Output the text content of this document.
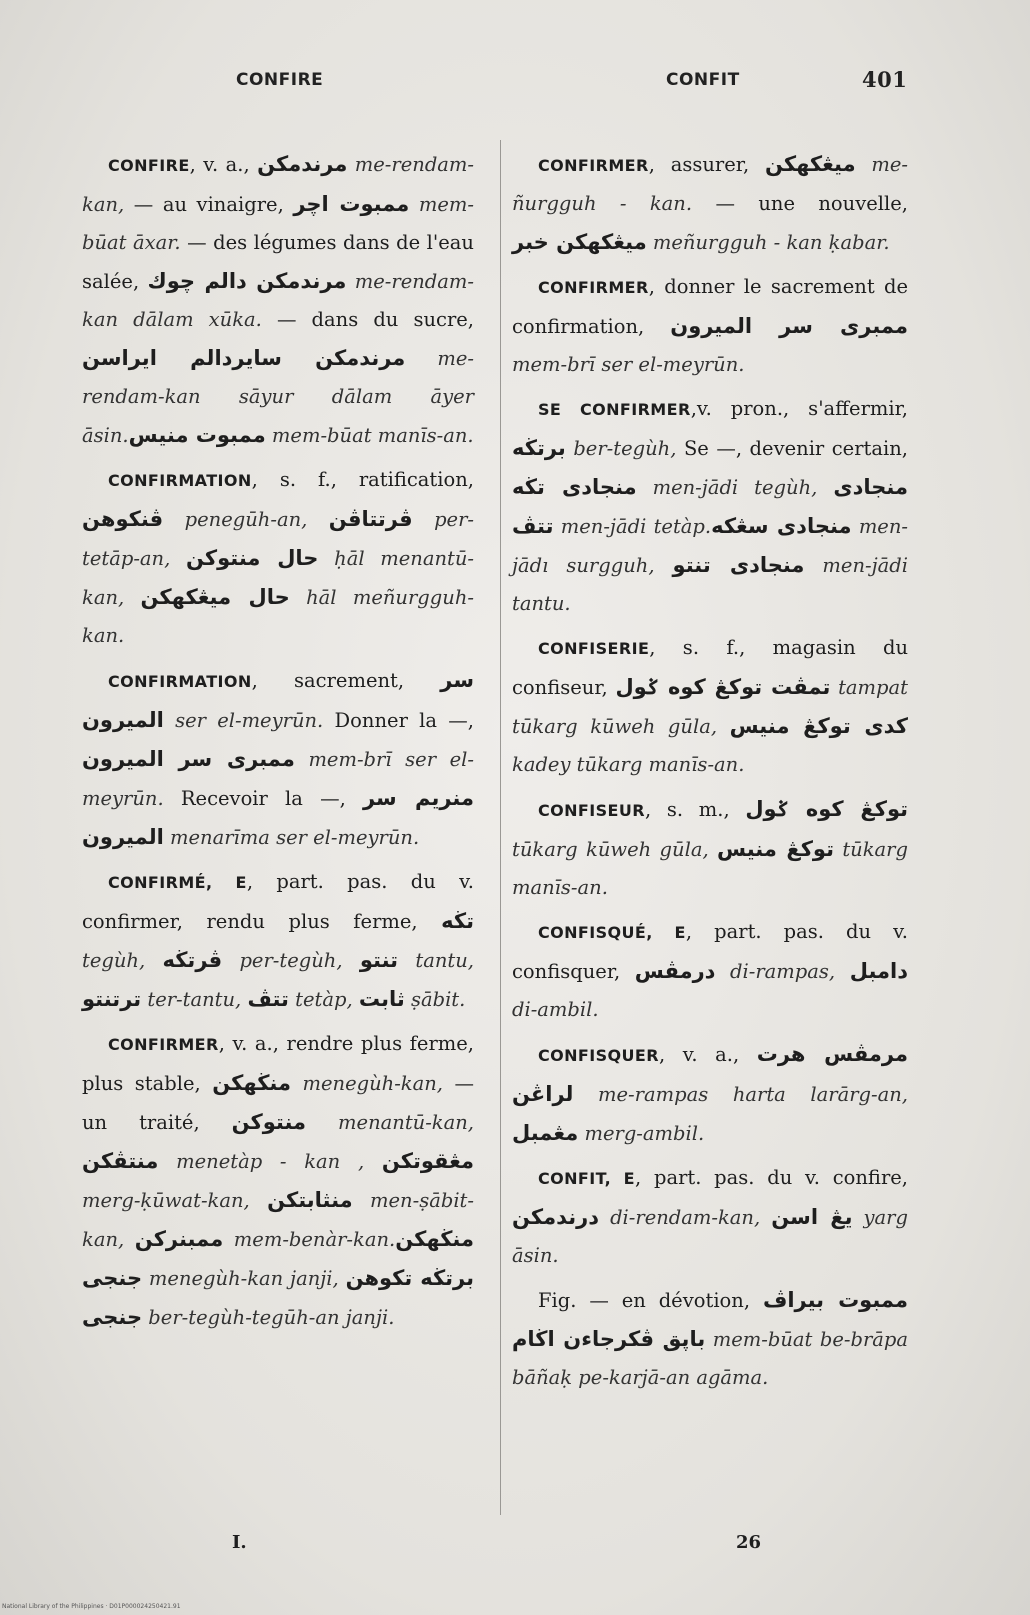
CONFIRE	CONFIT	401

CONFIRE, v. a., مرندمكن me-rendam-kan, — au vinaigre, ممبوت اچر mem-būat āxar. — des légumes dans de l'eau salée, مرندمكن دالم چوك me-rendam-kan dālam xūka. — dans du sucre, مرندمكن سايردالم ايراسن me-rendam-kan sāyur dālam āyer āsin.ممبوت منيس mem-būat manīs-an.

CONFIRMATION, s. f., ratification, ڤنكوهن penegūh-an, ڤرتتاڤن per-tetāp-an, حال منتوكن ḥāl menantū-kan, حال ميڠكهكن hāl meñurgguh-kan.

CONFIRMATION, sacrement, سر الميرون ser el-meyrūn. Donner la —, ممبرى سر الميرون mem-brī ser el-meyrūn. Recevoir la —, منريم سر الميرون menarīma ser el-meyrūn.

CONFIRMÉ, E, part. pas. du v. confirmer, rendu plus ferme, تڬه tegùh, ڤرتڬه per-tegùh, تنتو tantu, ترتنتو ter-tantu, تتڤ tetàp, ثابت ṣābit.

CONFIRMER, v. a., rendre plus ferme, plus stable, منڬهكن menegùh-kan, — un traité, منتوكن menantū-kan, منتڤكن menetàp - kan , مڠقوتكن merg-ḳūwat-kan, منثابتكن men-ṣābit-kan, ممبنركن mem-benàr-kan.منڬهكن جنجى menegùh-kan janji, برتڬه تكوهن جنجى ber-tegùh-tegūh-an janji.

CONFIRMER, assurer, ميڠكهكن me-ñurgguh - kan. — une nouvelle, ميڠكهكن خبر meñurgguh - kan ḳabar.

CONFIRMER, donner le sacrement de confirmation, ممبرى سر الميرون mem-brī ser el-meyrūn.

SE CONFIRMER,v. pron., s'affermir, برتڬه ber-tegùh, Se —, devenir certain, منجادى تڬه men-jādi tegùh, منجادى تتڤ men-jādi tetàp.منجادى سڠكه men-jādı surgguh, منجادى تنتو men-jādi tantu.

CONFISERIE, s. f., magasin du confiseur, تمڤت توكڠ كوه ݢول tampat tūkarg kūweh gūla, كدى توكڠ منيس kadey tūkarg manīs-an.

CONFISEUR, s. m., توكڠ كوه ݢول tūkarg kūweh gūla, توكڠ منيس tūkarg manīs-an.

CONFISQUÉ, E, part. pas. du v. confisquer, درمڤس di-rampas, دامبل di-ambil.

CONFISQUER, v. a., مرمڤس هرت لراڠن me-rampas harta larārg-an, مڠمبل merg-ambil.

CONFIT, E, part. pas. du v. confire, درندمكن di-rendam-kan, يڠ اسن yarg āsin.

Fig. — en dévotion, ممبوت بيراڤ باڽق ڤكرجاءن اڬام mem-būat be-brāpa bāñaḳ pe-karjā-an agāma.

I.	26
National Library of the Philippines · D01P000024250421.91
